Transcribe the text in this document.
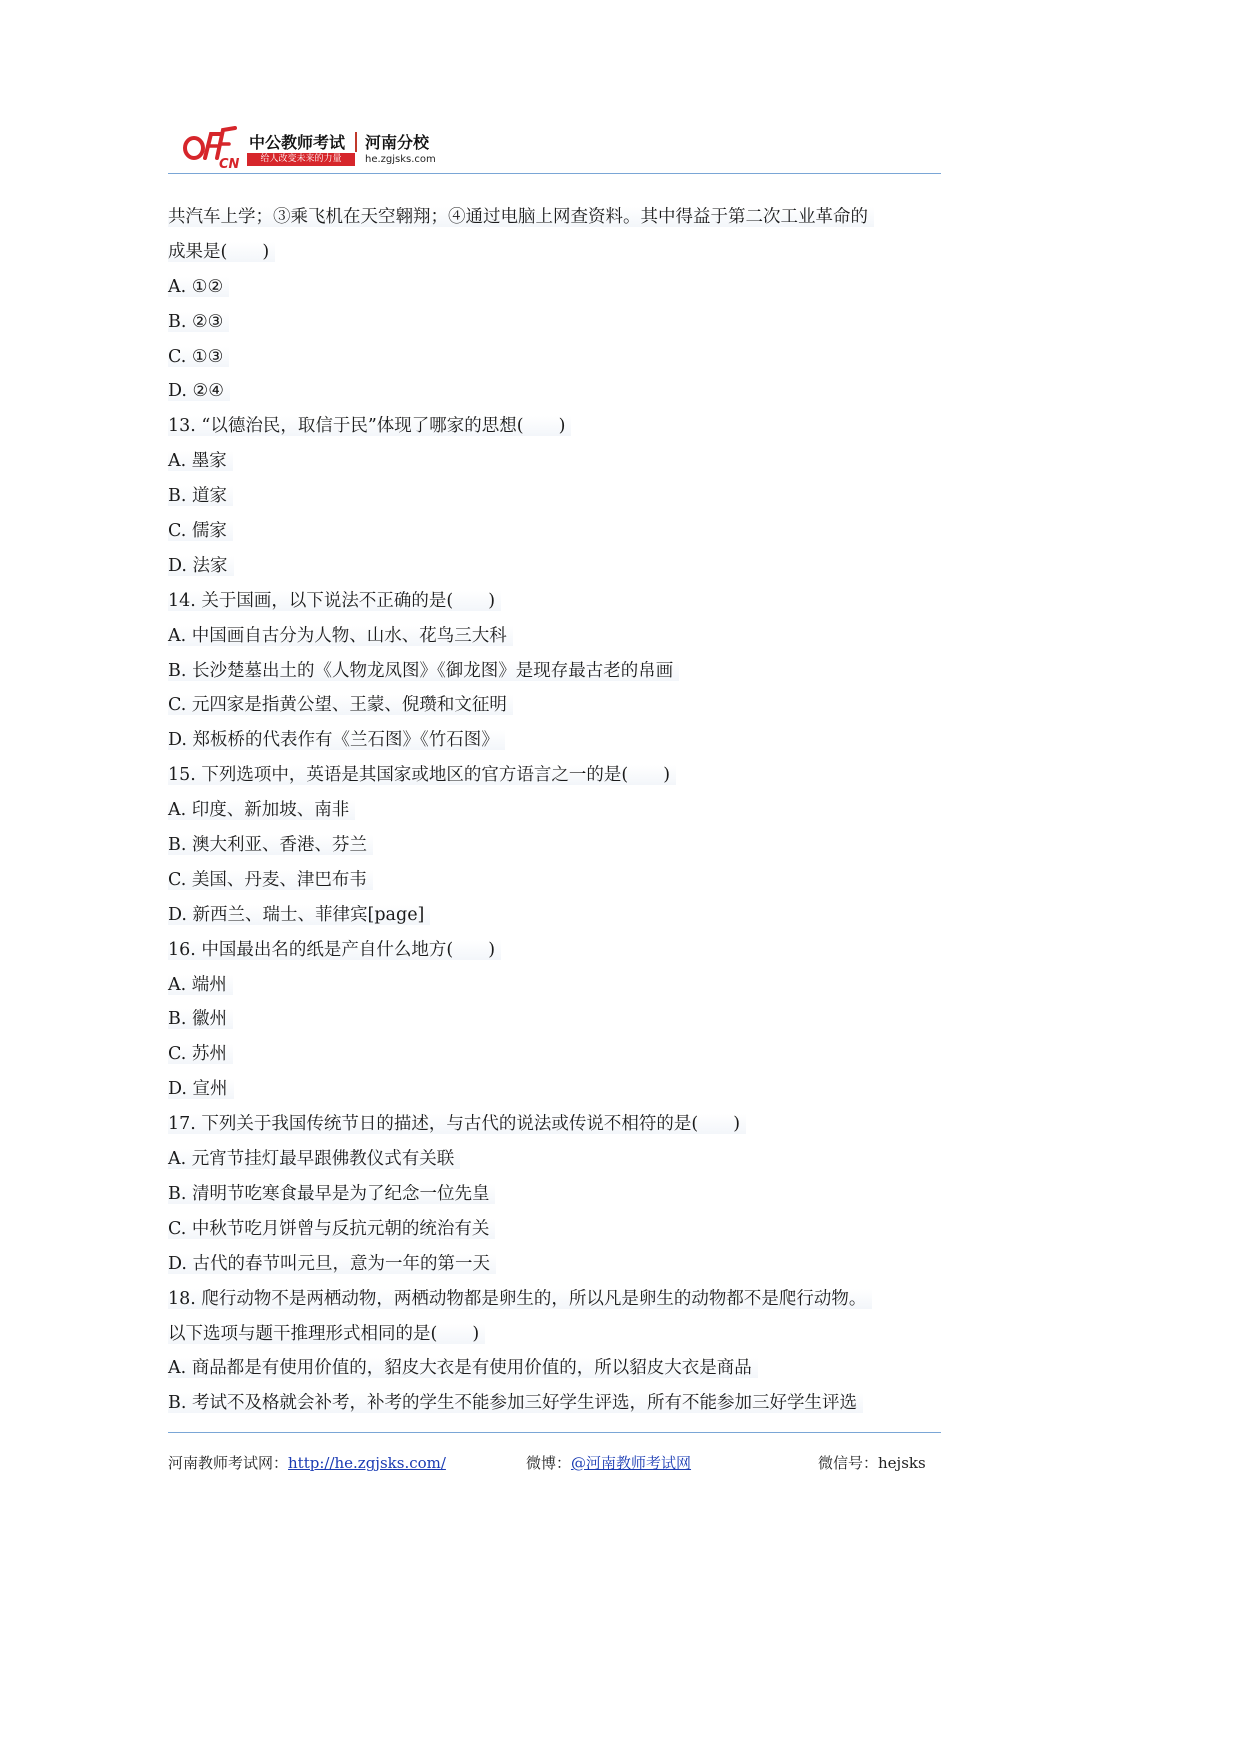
CN
中公教师考试 河南分校
给人改变未来的力量	he.zgjsks.com
共汽车上学；③乘飞机在天空翱翔；④通过电脑上网查资料。其中得益于第二次工业革命的
成果是(　　)
A. ①②
B. ②③
C. ①③
D. ②④
13. “以德治民，取信于民”体现了哪家的思想(　　)
A. 墨家
B. 道家
C. 儒家
D. 法家
14. 关于国画，以下说法不正确的是(　　)
A. 中国画自古分为人物、山水、花鸟三大科
B. 长沙楚墓出土的《人物龙凤图》《御龙图》是现存最古老的帛画
C. 元四家是指黄公望、王蒙、倪瓒和文征明
D. 郑板桥的代表作有《兰石图》《竹石图》
15. 下列选项中，英语是其国家或地区的官方语言之一的是(　　)
A. 印度、新加坡、南非
B. 澳大利亚、香港、芬兰
C. 美国、丹麦、津巴布韦
D. 新西兰、瑞士、菲律宾[page]
16. 中国最出名的纸是产自什么地方(　　)
A. 端州
B. 徽州
C. 苏州
D. 宣州
17. 下列关于我国传统节日的描述，与古代的说法或传说不相符的是(　　)
A. 元宵节挂灯最早跟佛教仪式有关联
B. 清明节吃寒食最早是为了纪念一位先皇
C. 中秋节吃月饼曾与反抗元朝的统治有关
D. 古代的春节叫元旦，意为一年的第一天
18. 爬行动物不是两栖动物，两栖动物都是卵生的，所以凡是卵生的动物都不是爬行动物。
以下选项与题干推理形式相同的是(　　)
A. 商品都是有使用价值的，貂皮大衣是有使用价值的，所以貂皮大衣是商品
B. 考试不及格就会补考，补考的学生不能参加三好学生评选，所有不能参加三好学生评选
河南教师考试网：http://he.zgjsks.com/	微博：@河南教师考试网	微信号：hejsks
